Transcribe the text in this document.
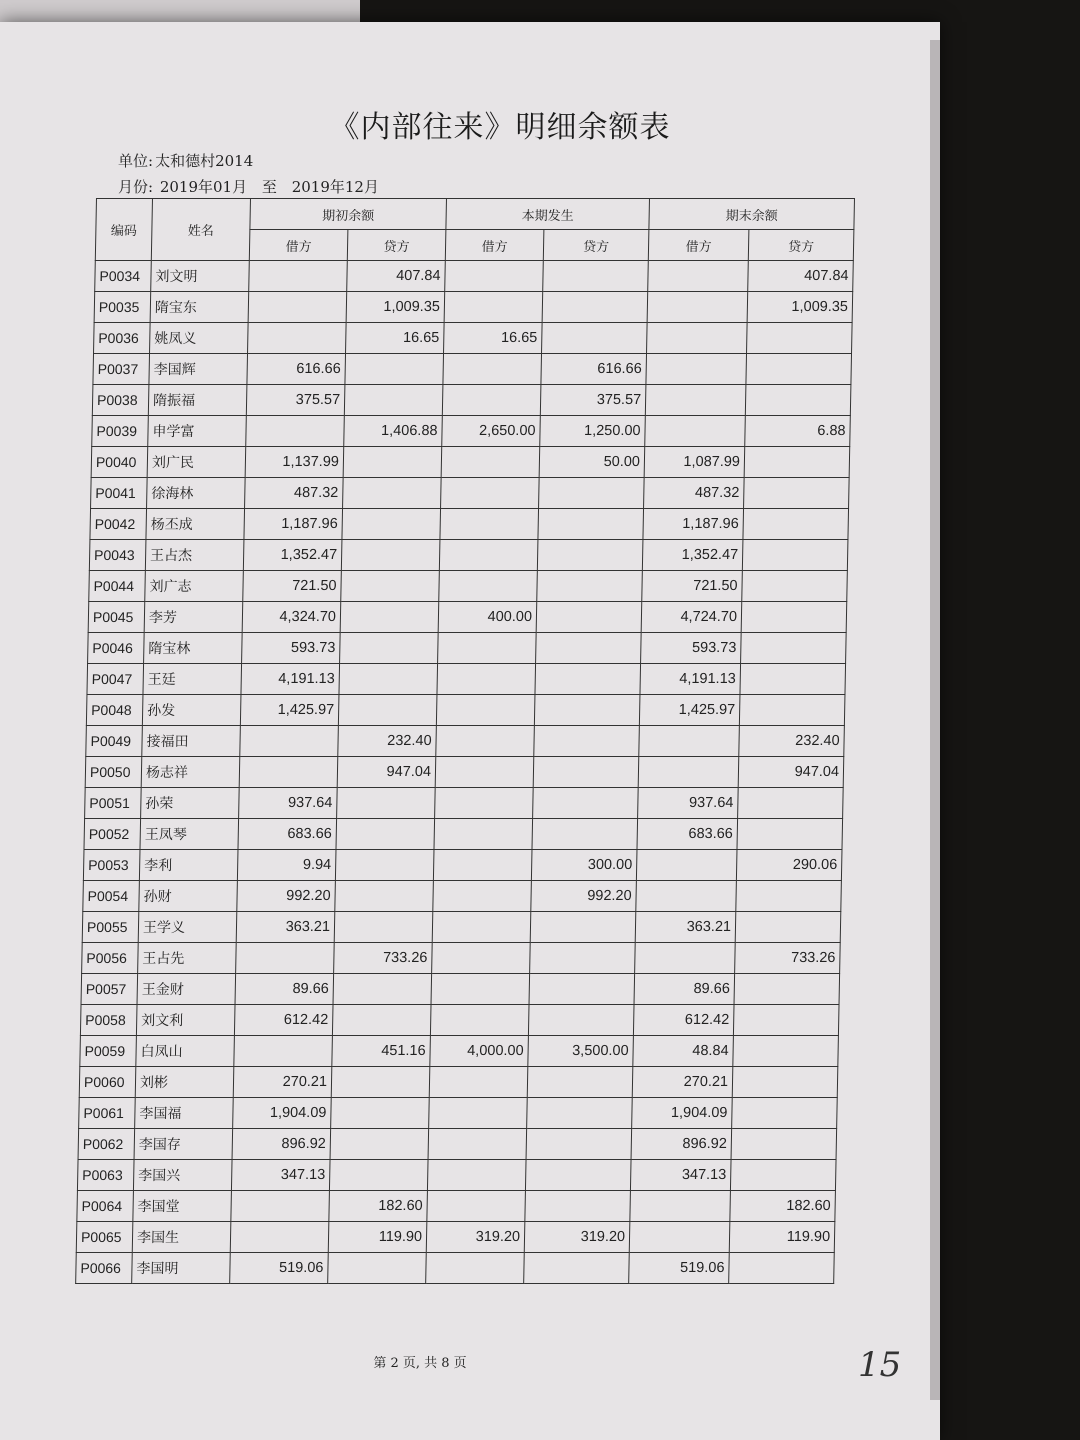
《内部往来》明细余额表
单位: 太和德村2014
月份: 2019年01月 至 2019年12月
编码	姓名	期初余额		本期发生		期末余额	
		借方	贷方	借方	贷方	借方	贷方
P0034	刘文明		407.84				407.84
P0035	隋宝东		1,009.35				1,009.35
P0036	姚凤义		16.65	16.65			
P0037	李国辉	616.66			616.66		
P0038	隋振福	375.57			375.57		
P0039	申学富		1,406.88	2,650.00	1,250.00		6.88
P0040	刘广民	1,137.99			50.00	1,087.99	
P0041	徐海林	487.32				487.32	
P0042	杨丕成	1,187.96				1,187.96	
P0043	王占杰	1,352.47				1,352.47	
P0044	刘广志	721.50				721.50	
P0045	李芳	4,324.70		400.00		4,724.70	
P0046	隋宝林	593.73				593.73	
P0047	王廷	4,191.13				4,191.13	
P0048	孙发	1,425.97				1,425.97	
P0049	接福田		232.40				232.40
P0050	杨志祥		947.04				947.04
P0051	孙荣	937.64				937.64	
P0052	王凤琴	683.66				683.66	
P0053	李利	9.94			300.00		290.06
P0054	孙财	992.20			992.20		
P0055	王学义	363.21				363.21	
P0056	王占先		733.26				733.26
P0057	王金财	89.66				89.66	
P0058	刘文利	612.42				612.42	
P0059	白凤山		451.16	4,000.00	3,500.00	48.84	
P0060	刘彬	270.21				270.21	
P0061	李国福	1,904.09				1,904.09	
P0062	李国存	896.92				896.92	
P0063	李国兴	347.13				347.13	
P0064	李国堂		182.60				182.60
P0065	李国生		119.90	319.20	319.20		119.90
P0066	李国明	519.06				519.06	
第 2 页, 共 8 页	15
